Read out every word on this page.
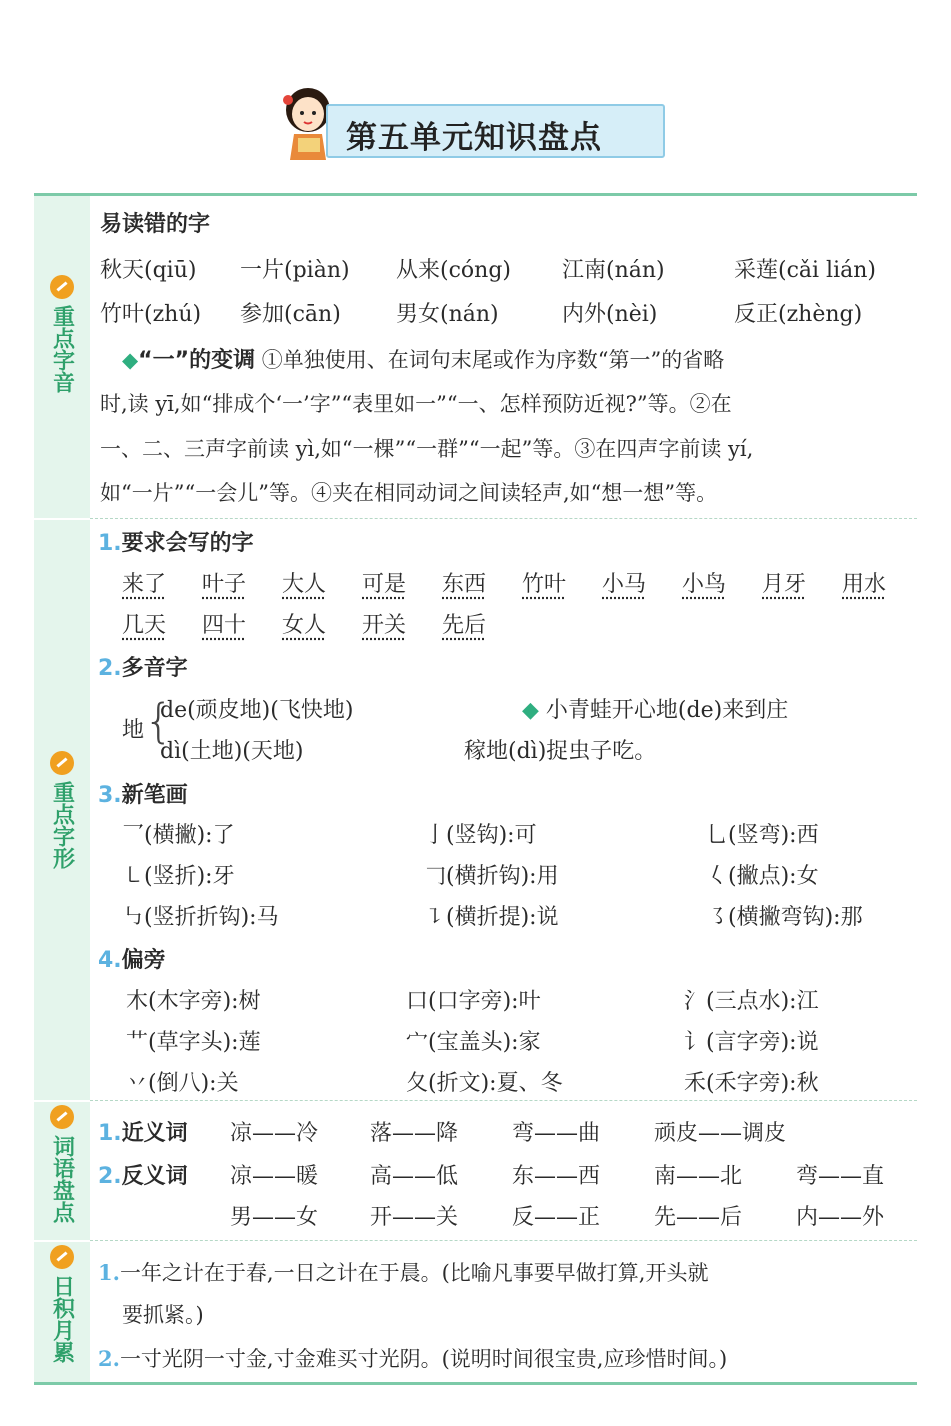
第五单元知识盘点
重点字音
重点字形
词语盘点
日积月累
易读错的字
秋天(qiū) 一片(piàn) 从来(cóng) 江南(nán)	采莲(cǎi lián)
竹叶(zhú) 参加(cān)	男女(nán)	内外(nèi)	反正(zhèng)
◆“一”的变调 ①单独使用、在词句末尾或作为序数“第一”的省略
时,读 yī,如“排成个‘一’字”“表里如一”“一、怎样预防近视?”等。②在
一、二、三声字前读 yì,如“一棵”“一群”“一起”等。③在四声字前读 yí,
如“一片”“一会儿”等。④夹在相同动词之间读轻声,如“想一想”等。
1.要求会写的字
来了 叶子 大人 可是 东西 竹叶 小马 小鸟 月牙 用水
几天 四十 女人 开关 先后
2.多音字
地 {
de(顽皮地)(飞快地)
dì(土地)(天地)
◆ 小青蛙开心地(de)来到庄
稼地(dì)捉虫子吃。
3.新笔画
乛(横撇):了	亅(竖钩):可	乚(竖弯):西
㇄(竖折):牙	𠃌(横折钩):用	𡿨(撇点):女
㇉(竖折折钩):马	㇊(横折提):说	㇌(横撇弯钩):那
4.偏旁
木(木字旁):树	口(口字旁):叶	氵(三点水):江
艹(草字头):莲	宀(宝盖头):家	讠(言字旁):说
丷(倒八):关	夂(折文):夏、冬	禾(禾字旁):秋
1.近义词 凉——冷 落——降 弯——曲 顽皮——调皮
2.反义词 凉——暖 高——低 东——西 南——北 弯——直
男——女 开——关 反——正 先——后 内——外
1.一年之计在于春,一日之计在于晨。(比喻凡事要早做打算,开头就
要抓紧。)
2.一寸光阴一寸金,寸金难买寸光阴。(说明时间很宝贵,应珍惜时间。)
